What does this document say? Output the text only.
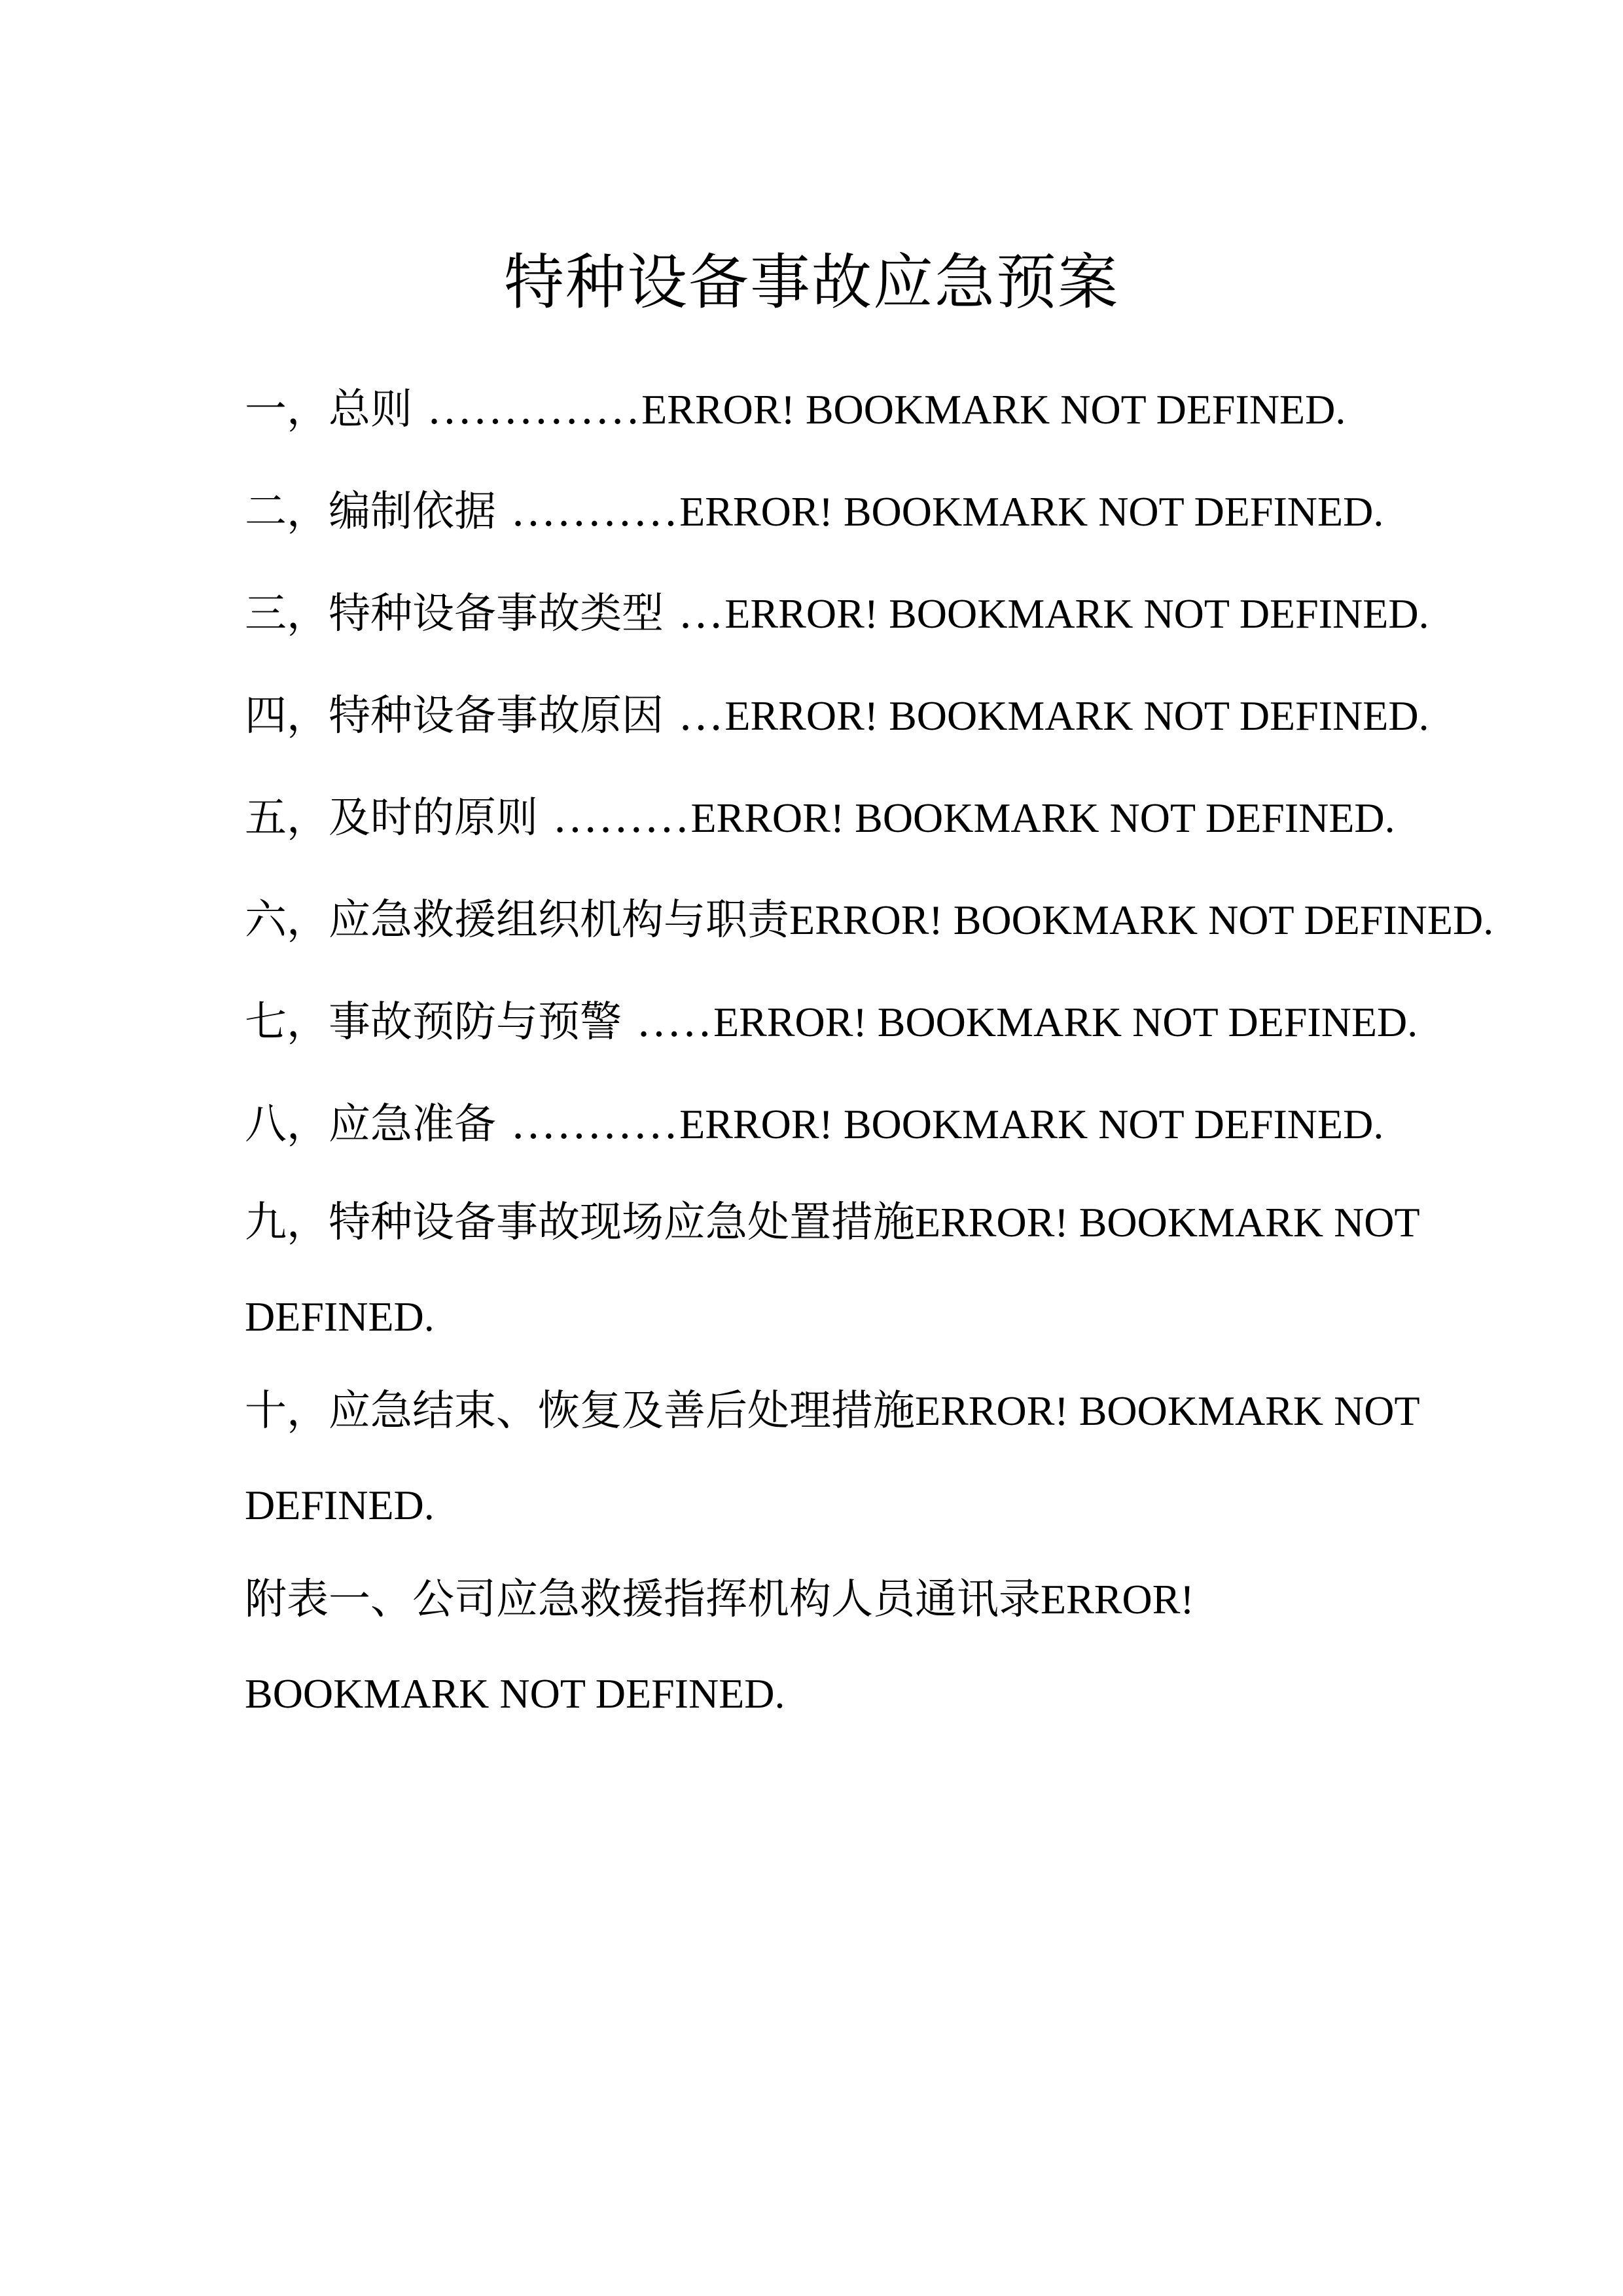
特种设备事故应急预案
一，总则 ..............ERROR! BOOKMARK NOT DEFINED.
二，编制依据 ...........ERROR! BOOKMARK NOT DEFINED.
三，特种设备事故类型 ...ERROR! BOOKMARK NOT DEFINED.
四，特种设备事故原因 ...ERROR! BOOKMARK NOT DEFINED.
五，及时的原则 .........ERROR! BOOKMARK NOT DEFINED.
六，应急救援组织机构与职责ERROR! BOOKMARK NOT DEFINED.
七，事故预防与预警 .....ERROR! BOOKMARK NOT DEFINED.
八，应急准备 ...........ERROR! BOOKMARK NOT DEFINED.
九，特种设备事故现场应急处置措施ERROR! BOOKMARK NOT DEFINED.
十，应急结束、恢复及善后处理措施ERROR! BOOKMARK NOT DEFINED.
附表一、公司应急救援指挥机构人员通讯录ERROR! BOOKMARK NOT DEFINED.
